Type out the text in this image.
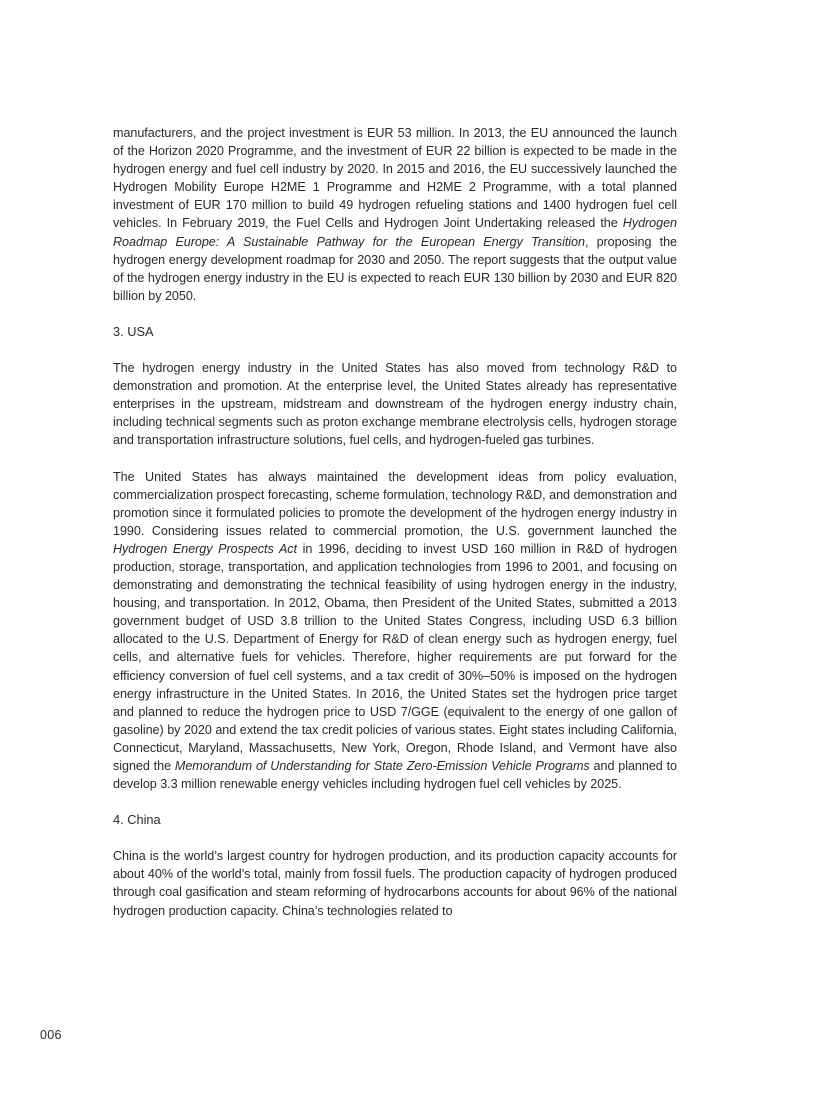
manufacturers, and the project investment is EUR 53 million. In 2013, the EU announced the launch of the Horizon 2020 Programme, and the investment of EUR 22 billion is expected to be made in the hydrogen energy and fuel cell industry by 2020. In 2015 and 2016, the EU successively launched the Hydrogen Mobility Europe H2ME 1 Programme and H2ME 2 Programme, with a total planned investment of EUR 170 million to build 49 hydrogen refueling stations and 1400 hydrogen fuel cell vehicles. In February 2019, the Fuel Cells and Hydrogen Joint Undertaking released the Hydrogen Roadmap Europe: A Sustainable Pathway for the European Energy Transition, proposing the hydrogen energy development roadmap for 2030 and 2050. The report suggests that the output value of the hydrogen energy industry in the EU is expected to reach EUR 130 billion by 2030 and EUR 820 billion by 2050.

3. USA

The hydrogen energy industry in the United States has also moved from technology R&D to demonstration and promotion. At the enterprise level, the United States already has representative enterprises in the upstream, midstream and downstream of the hydrogen energy industry chain, including technical segments such as proton exchange membrane electrolysis cells, hydrogen storage and transportation infrastructure solutions, fuel cells, and hydrogen-fueled gas turbines.

The United States has always maintained the development ideas from policy evaluation, commercialization prospect forecasting, scheme formulation, technology R&D, and demonstration and promotion since it formulated policies to promote the development of the hydrogen energy industry in 1990. Considering issues related to commercial promotion, the U.S. government launched the Hydrogen Energy Prospects Act in 1996, deciding to invest USD 160 million in R&D of hydrogen production, storage, transportation, and application technologies from 1996 to 2001, and focusing on demonstrating and demonstrating the technical feasibility of using hydrogen energy in the industry, housing, and transportation. In 2012, Obama, then President of the United States, submitted a 2013 government budget of USD 3.8 trillion to the United States Congress, including USD 6.3 billion allocated to the U.S. Department of Energy for R&D of clean energy such as hydrogen energy, fuel cells, and alternative fuels for vehicles. Therefore, higher requirements are put forward for the efficiency conversion of fuel cell systems, and a tax credit of 30%–50% is imposed on the hydrogen energy infrastructure in the United States. In 2016, the United States set the hydrogen price target and planned to reduce the hydrogen price to USD 7/GGE (equivalent to the energy of one gallon of gasoline) by 2020 and extend the tax credit policies of various states. Eight states including California, Connecticut, Maryland, Massachusetts, New York, Oregon, Rhode Island, and Vermont have also signed the Memorandum of Understanding for State Zero-Emission Vehicle Programs and planned to develop 3.3 million renewable energy vehicles including hydrogen fuel cell vehicles by 2025.

4. China

China is the world’s largest country for hydrogen production, and its production capacity accounts for about 40% of the world’s total, mainly from fossil fuels. The production capacity of hydrogen produced through coal gasification and steam reforming of hydrocarbons accounts for about 96% of the national hydrogen production capacity. China’s technologies related to

006
